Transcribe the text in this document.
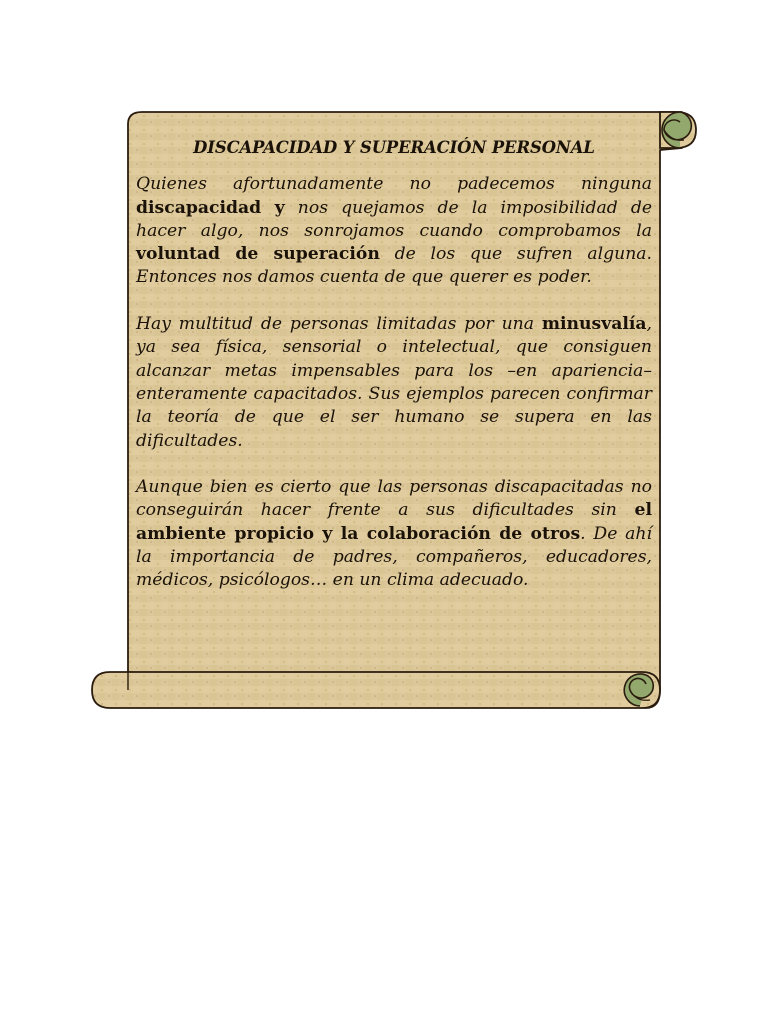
DISCAPACIDAD Y SUPERACIÓN PERSONAL

Quienes afortunadamente no padecemos ninguna discapacidad y nos quejamos de la imposibilidad de hacer algo, nos sonrojamos cuando comprobamos la voluntad de superación de los que sufren alguna. Entonces nos damos cuenta de que querer es poder.

Hay multitud de personas limitadas por una minusvalía, ya sea física, sensorial o intelectual, que consiguen alcanzar metas impensables para los –en apariencia– enteramente capacitados. Sus ejemplos parecen confirmar la teoría de que el ser humano se supera en las dificultades.

Aunque bien es cierto que las personas discapacitadas no conseguirán hacer frente a sus dificultades sin el ambiente propicio y la colaboración de otros. De ahí la importancia de padres, compañeros, educadores, médicos, psicólogos… en un clima adecuado.
